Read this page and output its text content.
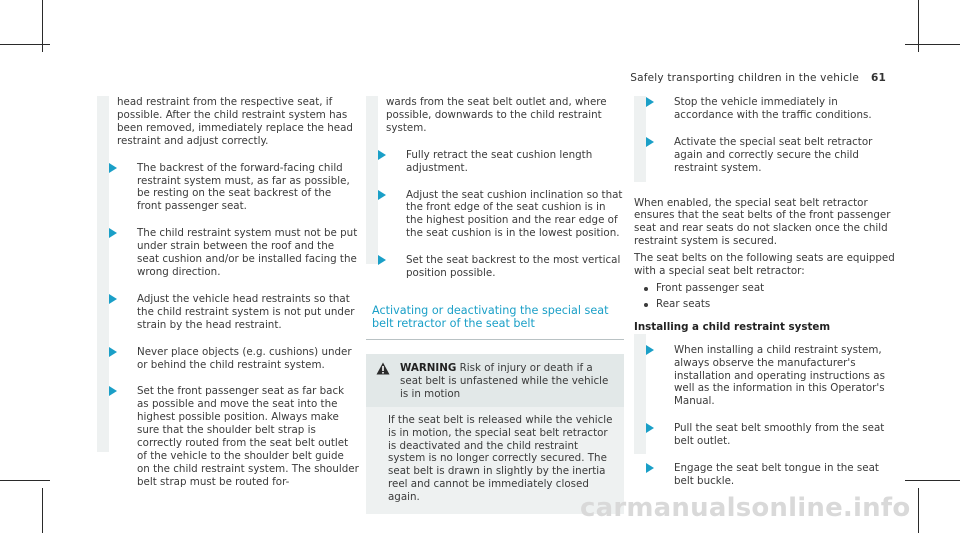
Safely transporting children in the vehicle 61
head restraint from the respective seat, if possible. After the child restraint system has been removed, immediately replace the head restraint and adjust correctly.
The backrest of the forward-facing child restraint system must, as far as possible, be resting on the seat backrest of the front passenger seat.
The child restraint system must not be put under strain between the roof and the seat cushion and/or be installed facing the wrong direction.
Adjust the vehicle head restraints so that the child restraint system is not put under strain by the head restraint.
Never place objects (e.g. cushions) under or behind the child restraint system.
Set the front passenger seat as far back as possible and move the seat into the highest possible position. Always make sure that the shoulder belt strap is correctly routed from the seat belt outlet of the vehicle to the shoulder belt guide on the child restraint system. The shoulder belt strap must be routed for-
wards from the seat belt outlet and, where possible, downwards to the child restraint system.
Fully retract the seat cushion length adjustment.
Adjust the seat cushion inclination so that the front edge of the seat cushion is in the highest position and the rear edge of the seat cushion is in the lowest position.
Set the seat backrest to the most vertical position possible.
Activating or deactivating the special seat belt retractor of the seat belt
WARNING Risk of injury or death if a seat belt is unfastened while the vehicle is in motion
If the seat belt is released while the vehicle is in motion, the special seat belt retractor is deactivated and the child restraint system is no longer correctly secured. The seat belt is drawn in slightly by the inertia reel and cannot be immediately closed again.
Stop the vehicle immediately in accordance with the traffic conditions.
Activate the special seat belt retractor again and correctly secure the child restraint system.
When enabled, the special seat belt retractor ensures that the seat belts of the front passenger seat and rear seats do not slacken once the child restraint system is secured.
The seat belts on the following seats are equipped with a special seat belt retractor:
Front passenger seat
Rear seats
Installing a child restraint system
When installing a child restraint system, always observe the manufacturer's installation and operating instructions as well as the information in this Operator's Manual.
Pull the seat belt smoothly from the seat belt outlet.
Engage the seat belt tongue in the seat belt buckle.
carmanualsonline.info
